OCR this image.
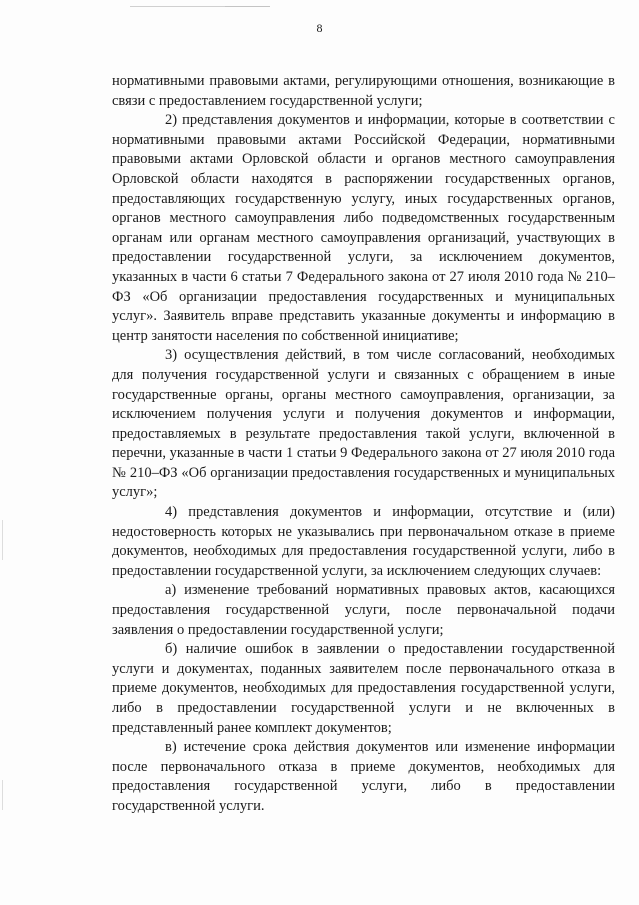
8

нормативными правовыми актами, регулирующими отношения, возникающие в связи с предоставлением государственной услуги;

2) представления документов и информации, которые в соответствии с нормативными правовыми актами Российской Федерации, нормативными правовыми актами Орловской области и органов местного самоуправления Орловской области находятся в распоряжении государственных органов, предоставляющих государственную услугу, иных государственных органов, органов местного самоуправления либо подведомственных государственным органам или органам местного самоуправления организаций, участвующих в предоставлении государственной услуги, за исключением документов, указанных в части 6 статьи 7 Федерального закона от 27 июля 2010 года № 210–ФЗ «Об организации предоставления государственных и муниципальных услуг». Заявитель вправе представить указанные документы и информацию в центр занятости населения по собственной инициативе;

3) осуществления действий, в том числе согласований, необходимых для получения государственной услуги и связанных с обращением в иные государственные органы, органы местного самоуправления, организации, за исключением получения услуги и получения документов и информации, предоставляемых в результате предоставления такой услуги, включенной в перечни, указанные в части 1 статьи 9 Федерального закона от 27 июля 2010 года № 210–ФЗ «Об организации предоставления государственных и муниципальных услуг»;

4) представления документов и информации, отсутствие и (или) недостоверность которых не указывались при первоначальном отказе в приеме документов, необходимых для предоставления государственной услуги, либо в предоставлении государственной услуги, за исключением следующих случаев:

а) изменение требований нормативных правовых актов, касающихся предоставления государственной услуги, после первоначальной подачи заявления о предоставлении государственной услуги;

б) наличие ошибок в заявлении о предоставлении государственной услуги и документах, поданных заявителем после первоначального отказа в приеме документов, необходимых для предоставления государственной услуги, либо в предоставлении государственной услуги и не включенных в представленный ранее комплект документов;

в) истечение срока действия документов или изменение информации после первоначального отказа в приеме документов, необходимых для предоставления государственной услуги, либо в предоставлении государственной услуги.
